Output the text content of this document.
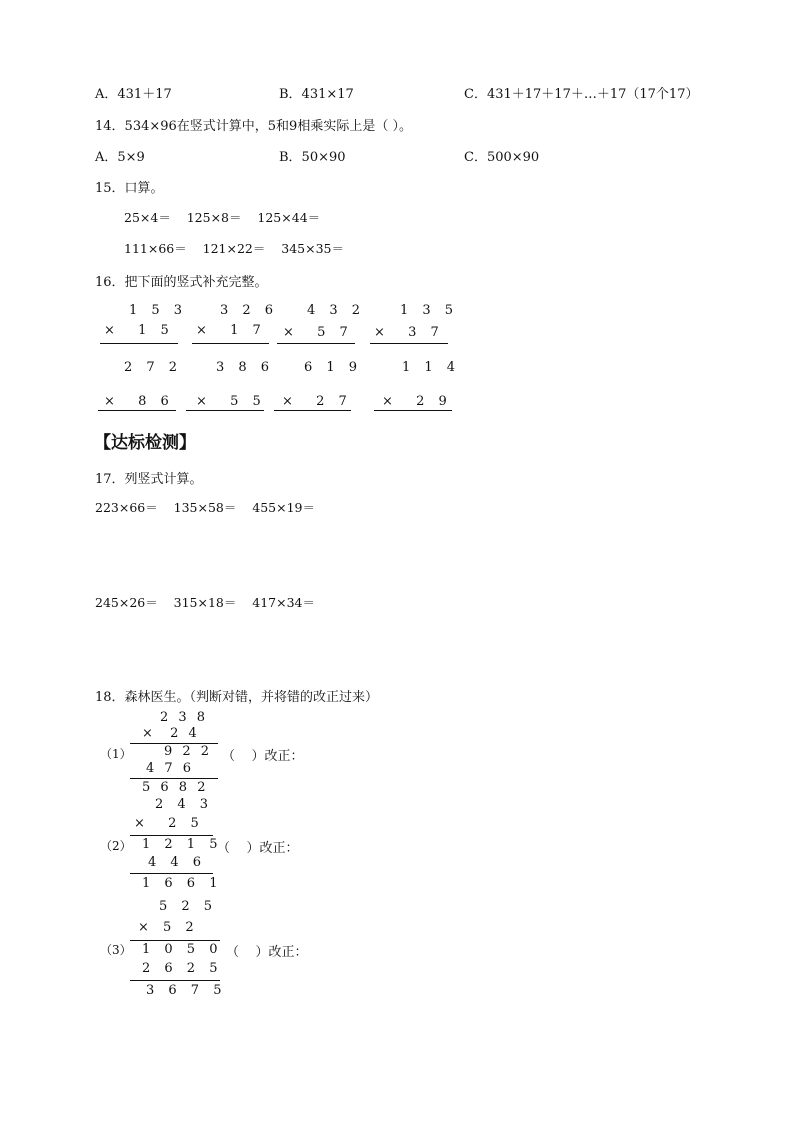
A．431＋17	B．431×17	C．431＋17＋17＋…＋17（17个17）
14．534×96在竖式计算中，5和9相乘实际上是（ ）。
A．5×9	B．50×90	C．500×90
15．口算。
25×4＝    125×8＝    125×44＝
111×66＝    121×22＝    345×35＝
16．把下面的竖式补充完整。
1 5 3
×  1 5
3 2 6
×  1 7
4 3 2
×  5 7
1 3 5
×  3 7
2 7 2
×  8 6
3 8 6
×  5 5
6 1 9
×  2 7
1 1 4
×  2 9
【达标检测】
17．列竖式计算。
223×66＝    135×58＝    455×19＝
245×26＝    315×18＝    417×34＝
18．森林医生。（判断对错，并将错的改正过来）
2 3 8
×  2 4
（1） 9 2 2 （    ）改正：
4 7 6
5 6 8 2
2 4 3
×  2 5
（2） 1 2 1 5
（    ）改正：
4 4 6
1 6 6 1
5 2 5
× 5 2
（3） 1 0 5 0 （    ）改正：
2 6 2 5
3 6 7 5
